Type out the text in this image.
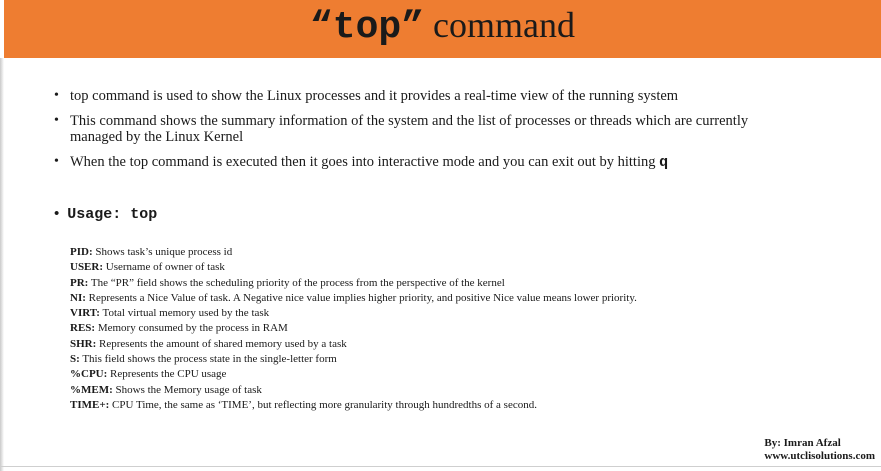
“top” command
• top command is used to show the Linux processes and it provides a real-time view of the running system
• This command shows the summary information of the system and the list of processes or threads which are currently managed by the Linux Kernel
• When the top command is executed then it goes into interactive mode and you can exit out by hitting q
• Usage: top
PID: Shows task’s unique process id
USER: Username of owner of task
PR: The “PR” field shows the scheduling priority of the process from the perspective of the kernel
NI: Represents a Nice Value of task. A Negative nice value implies higher priority, and positive Nice value means lower priority.
VIRT: Total virtual memory used by the task
RES: Memory consumed by the process in RAM
SHR: Represents the amount of shared memory used by a task
S: This field shows the process state in the single-letter form
%CPU: Represents the CPU usage
%MEM: Shows the Memory usage of task
TIME+: CPU Time, the same as ‘TIME’, but reflecting more granularity through hundredths of a second.
By: Imran Afzal
www.utclisolutions.com
